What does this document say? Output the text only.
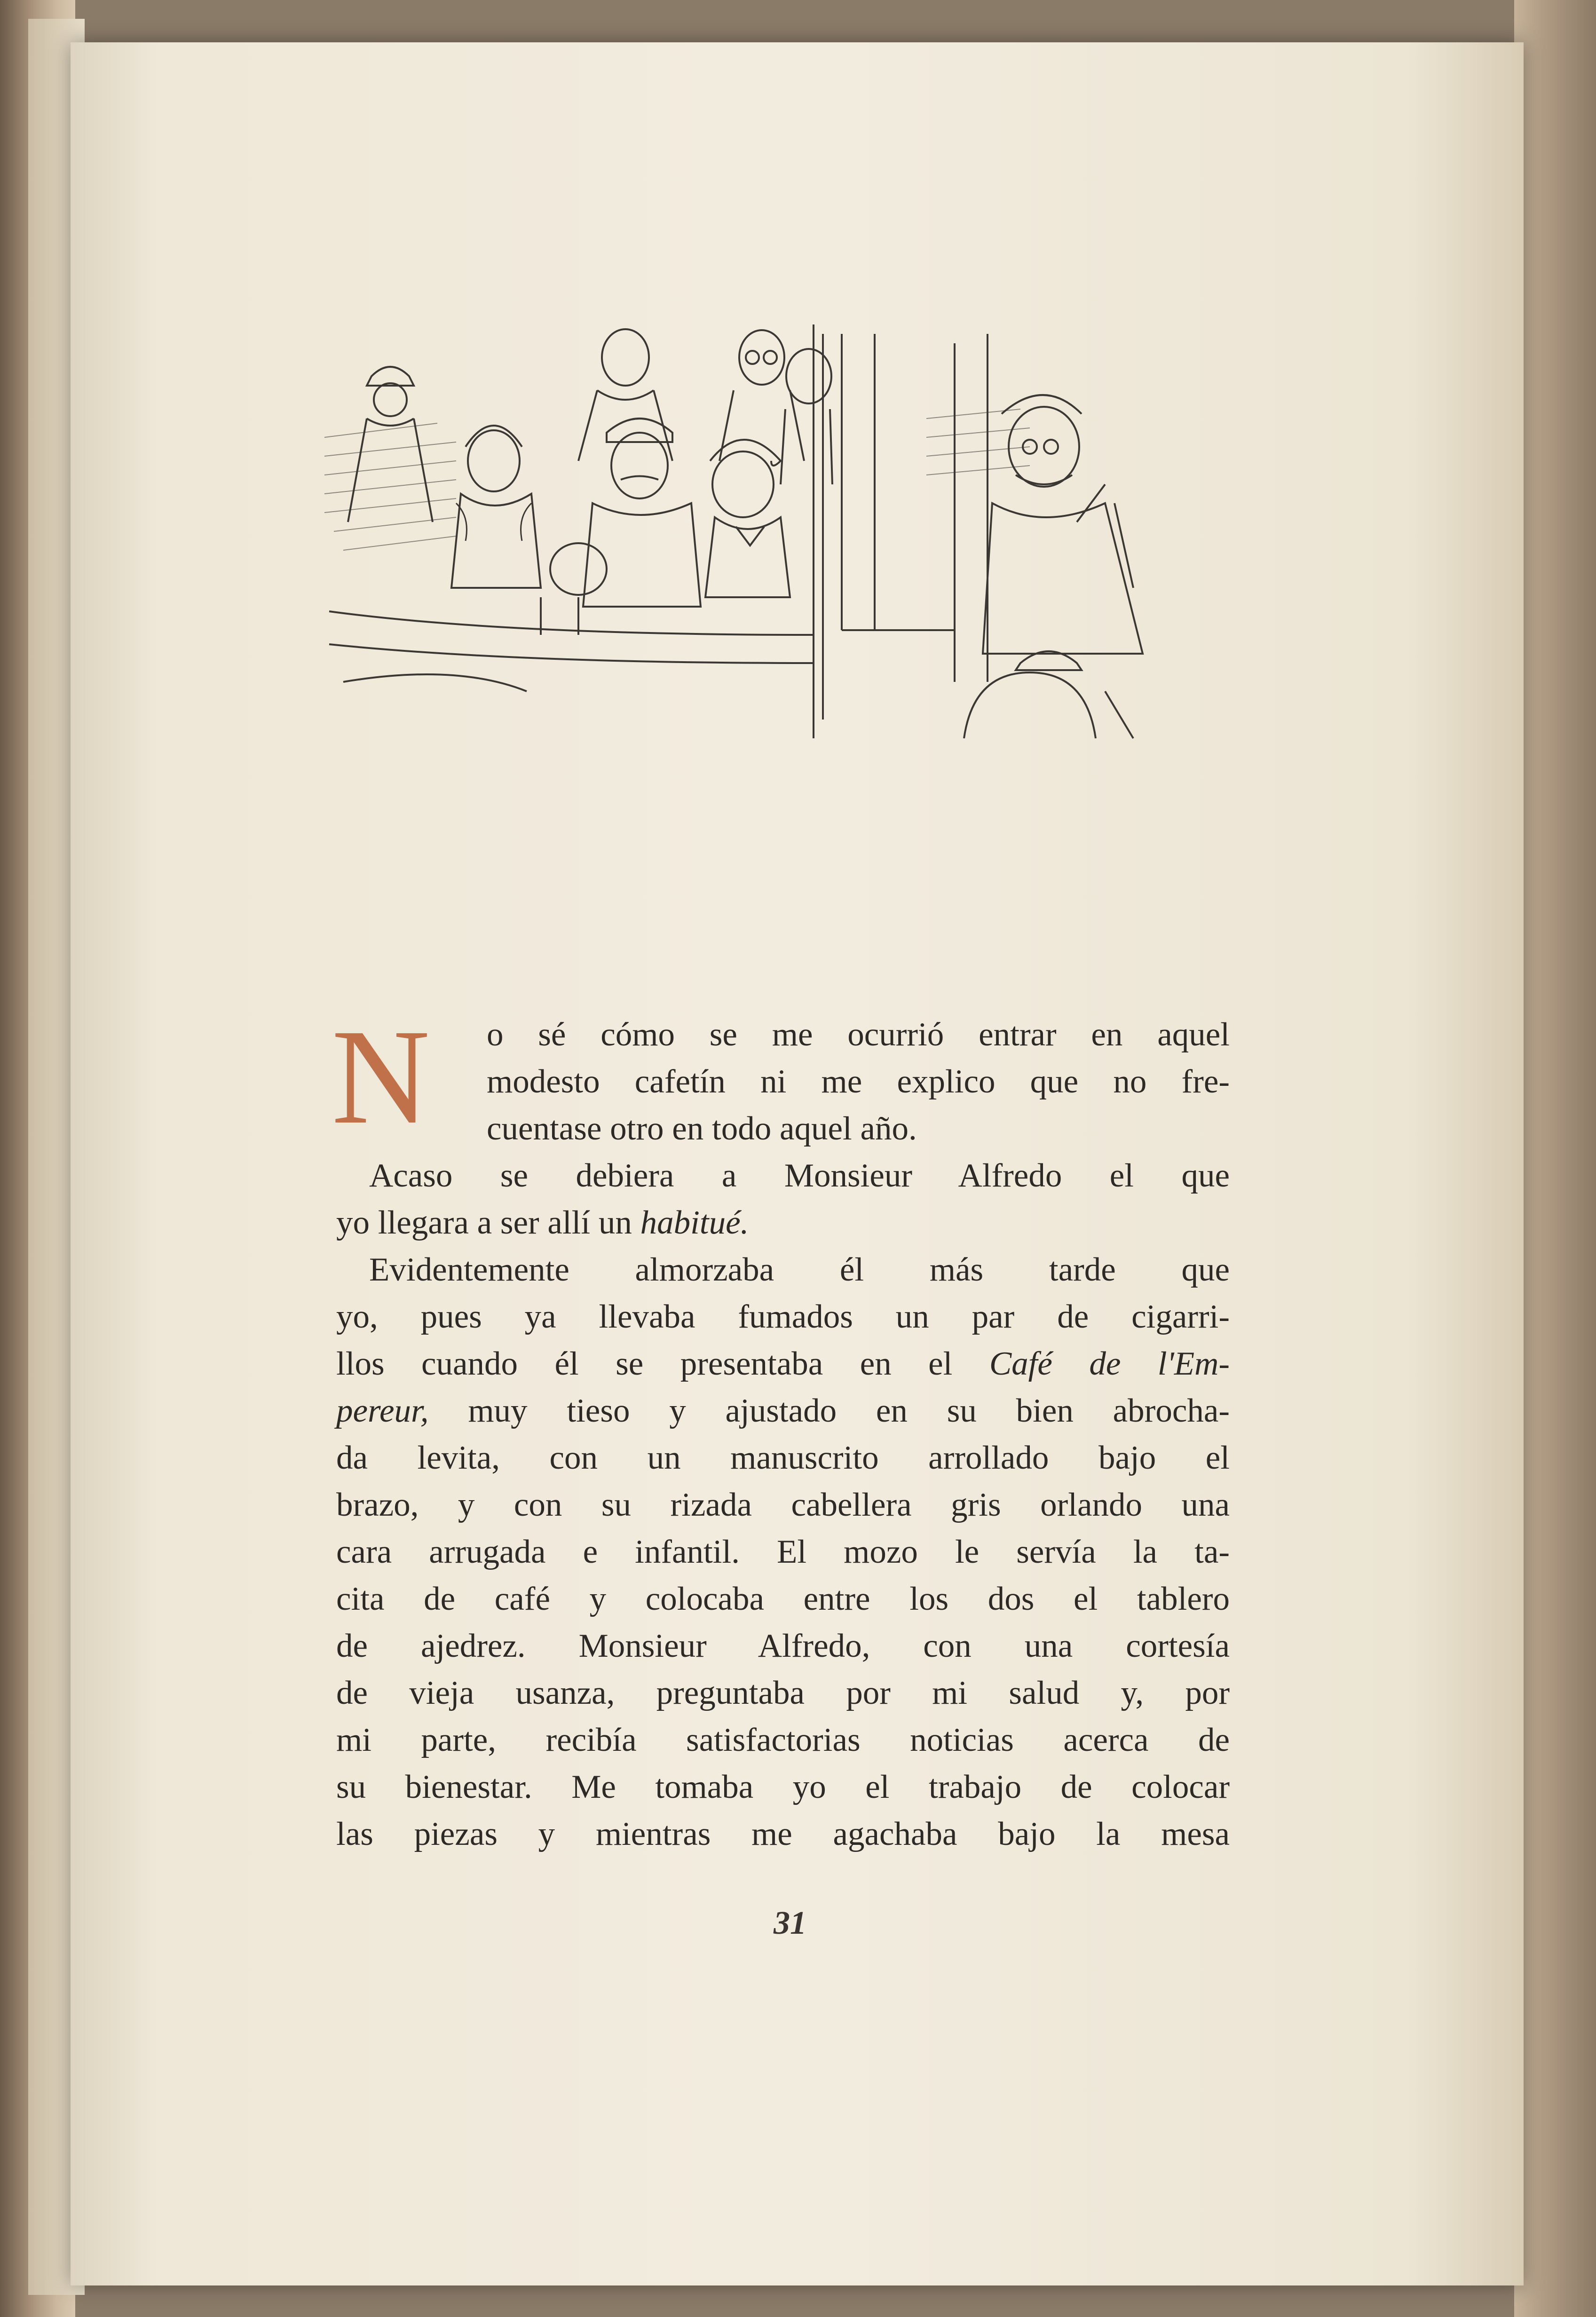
N	o sé cómo se me ocurrió entrar en aquel
modesto cafetín ni me explico que no fre-
cuentase otro en todo aquel año.
Acaso se debiera a Monsieur Alfredo el que
yo llegara a ser allí un habitué.
Evidentemente almorzaba él más tarde que
yo, pues ya llevaba fumados un par de cigarri-
llos cuando él se presentaba en el Café de l'Em-
pereur, muy tieso y ajustado en su bien abrocha-
da levita, con un manuscrito arrollado bajo el
brazo, y con su rizada cabellera gris orlando una
cara arrugada e infantil. El mozo le servía la ta-
cita de café y colocaba entre los dos el tablero
de ajedrez. Monsieur Alfredo, con una cortesía
de vieja usanza, preguntaba por mi salud y, por
mi parte, recibía satisfactorias noticias acerca de
su bienestar. Me tomaba yo el trabajo de colocar
las piezas y mientras me agachaba bajo la mesa
31
